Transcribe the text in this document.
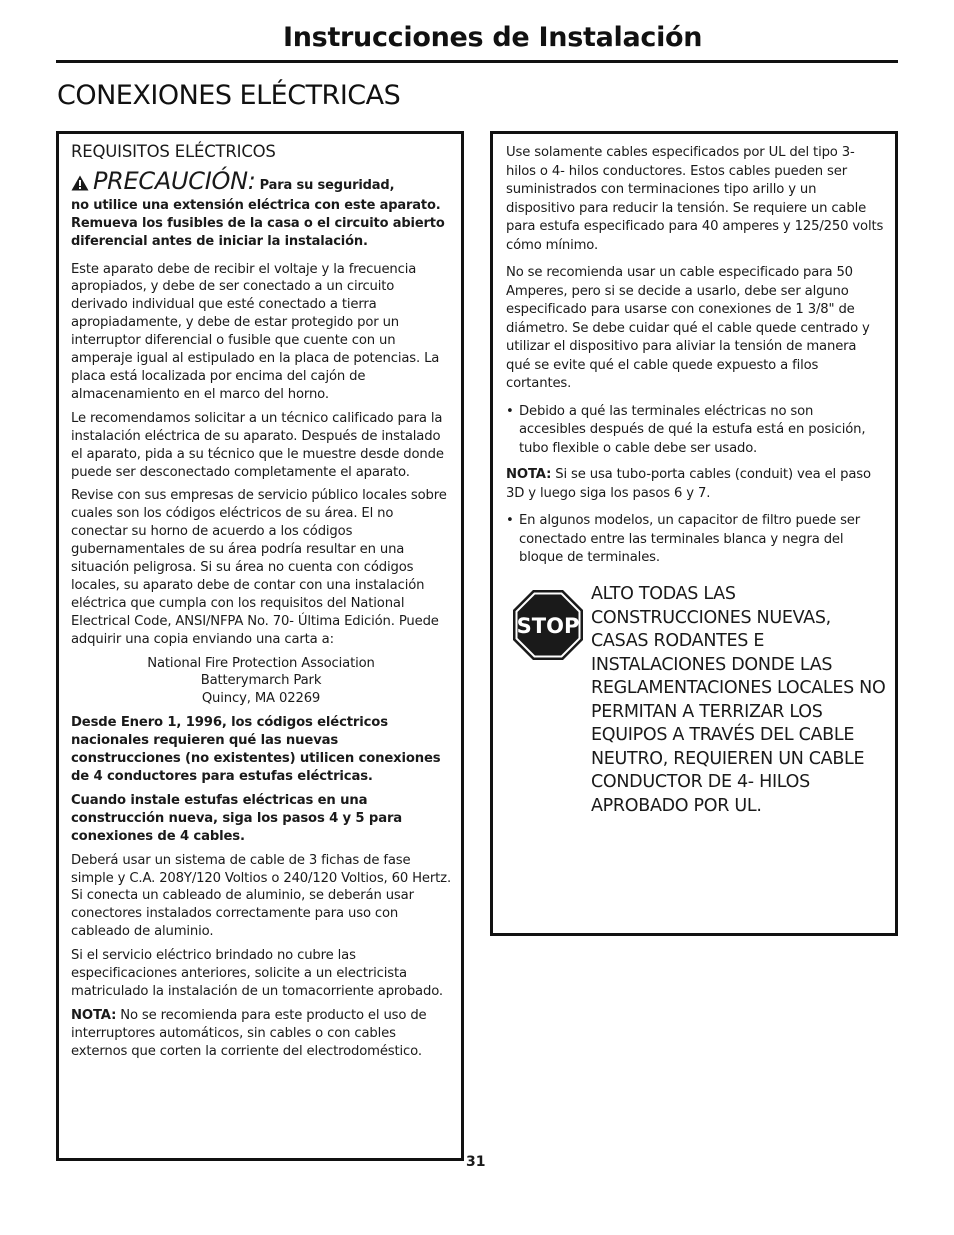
Instrucciones de Instalación
CONEXIONES ELÉCTRICAS
REQUISITOS ELÉCTRICOS

PRECAUCIÓN: Para su seguridad,

no utilice una extensión eléctrica con este aparato. Remueva los fusibles de la casa o el circuito abierto diferencial antes de iniciar la instalación.

Este aparato debe de recibir el voltaje y la frecuencia apropiados, y debe de ser conectado a un circuito derivado individual que esté conectado a tierra apropiadamente, y debe de estar protegido por un interruptor diferencial o fusible que cuente con un amperaje igual al estipulado en la placa de potencias. La placa está localizada por encima del cajón de almacenamiento en el marco del horno.

Le recomendamos solicitar a un técnico calificado para la instalación eléctrica de su aparato. Después de instalado el aparato, pida a su técnico que le muestre desde donde puede ser desconectado completamente el aparato.

Revise con sus empresas de servicio público locales sobre cuales son los códigos eléctricos de su área. El no conectar su horno de acuerdo a los códigos gubernamentales de su área podría resultar en una situación peligrosa. Si su área no cuenta con códigos locales, su aparato debe de contar con una instalación eléctrica que cumpla con los requisitos del National Electrical Code, ANSI/NFPA No. 70- Última Edición. Puede adquirir una copia enviando una carta a:

National Fire Protection Association
Batterymarch Park
Quincy, MA 02269

Desde Enero 1, 1996, los códigos eléctricos nacionales requieren qué las nuevas construcciones (no existentes) utilicen conexiones de 4 conductores para estufas eléctricas.

Cuando instale estufas eléctricas en una construcción nueva, siga los pasos 4 y 5 para conexiones de 4 cables.

Deberá usar un sistema de cable de 3 fichas de fase simple y C.A. 208Y/120 Voltios o 240/120 Voltios, 60 Hertz. Si conecta un cableado de aluminio, se deberán usar conectores instalados correctamente para uso con cableado de aluminio.

Si el servicio eléctrico brindado no cubre las especificaciones anteriores, solicite a un electricista matriculado la instalación de un tomacorriente aprobado.

NOTA: No se recomienda para este producto el uso de interruptores automáticos, sin cables o con cables externos que corten la corriente del electrodoméstico.

Use solamente cables especificados por UL del tipo 3-hilos o 4- hilos conductores. Estos cables pueden ser suministrados con terminaciones tipo arillo y un dispositivo para reducir la tensión. Se requiere un cable para estufa especificado para 40 amperes y 125/250 volts cómo mínimo.

No se recomienda usar un cable especificado para 50 Amperes, pero si se decide a usarlo, debe ser alguno especificado para usarse con conexiones de 1 3/8" de diámetro. Se debe cuidar qué el cable quede centrado y utilizar el dispositivo para aliviar la tensión de manera qué se evite qué el cable quede expuesto a filos cortantes.

• Debido a qué las terminales eléctricas no son accesibles después de qué la estufa está en posición, tubo flexible o cable debe ser usado.

NOTA: Si se usa tubo-porta cables (conduit) vea el paso 3D y luego siga los pasos 6 y 7.

• En algunos modelos, un capacitor de filtro puede ser conectado entre las terminales blanca y negra del bloque de terminales.

STOP
ALTO TODAS LAS CONSTRUCCIONES NUEVAS, CASAS RODANTES E INSTALACIONES DONDE LAS REGLAMENTACIONES LOCALES NO PERMITAN A TERRIZAR LOS EQUIPOS A TRAVÉS DEL CABLE NEUTRO, REQUIEREN UN CABLE CONDUCTOR DE 4- HILOS APROBADO POR UL.
31
